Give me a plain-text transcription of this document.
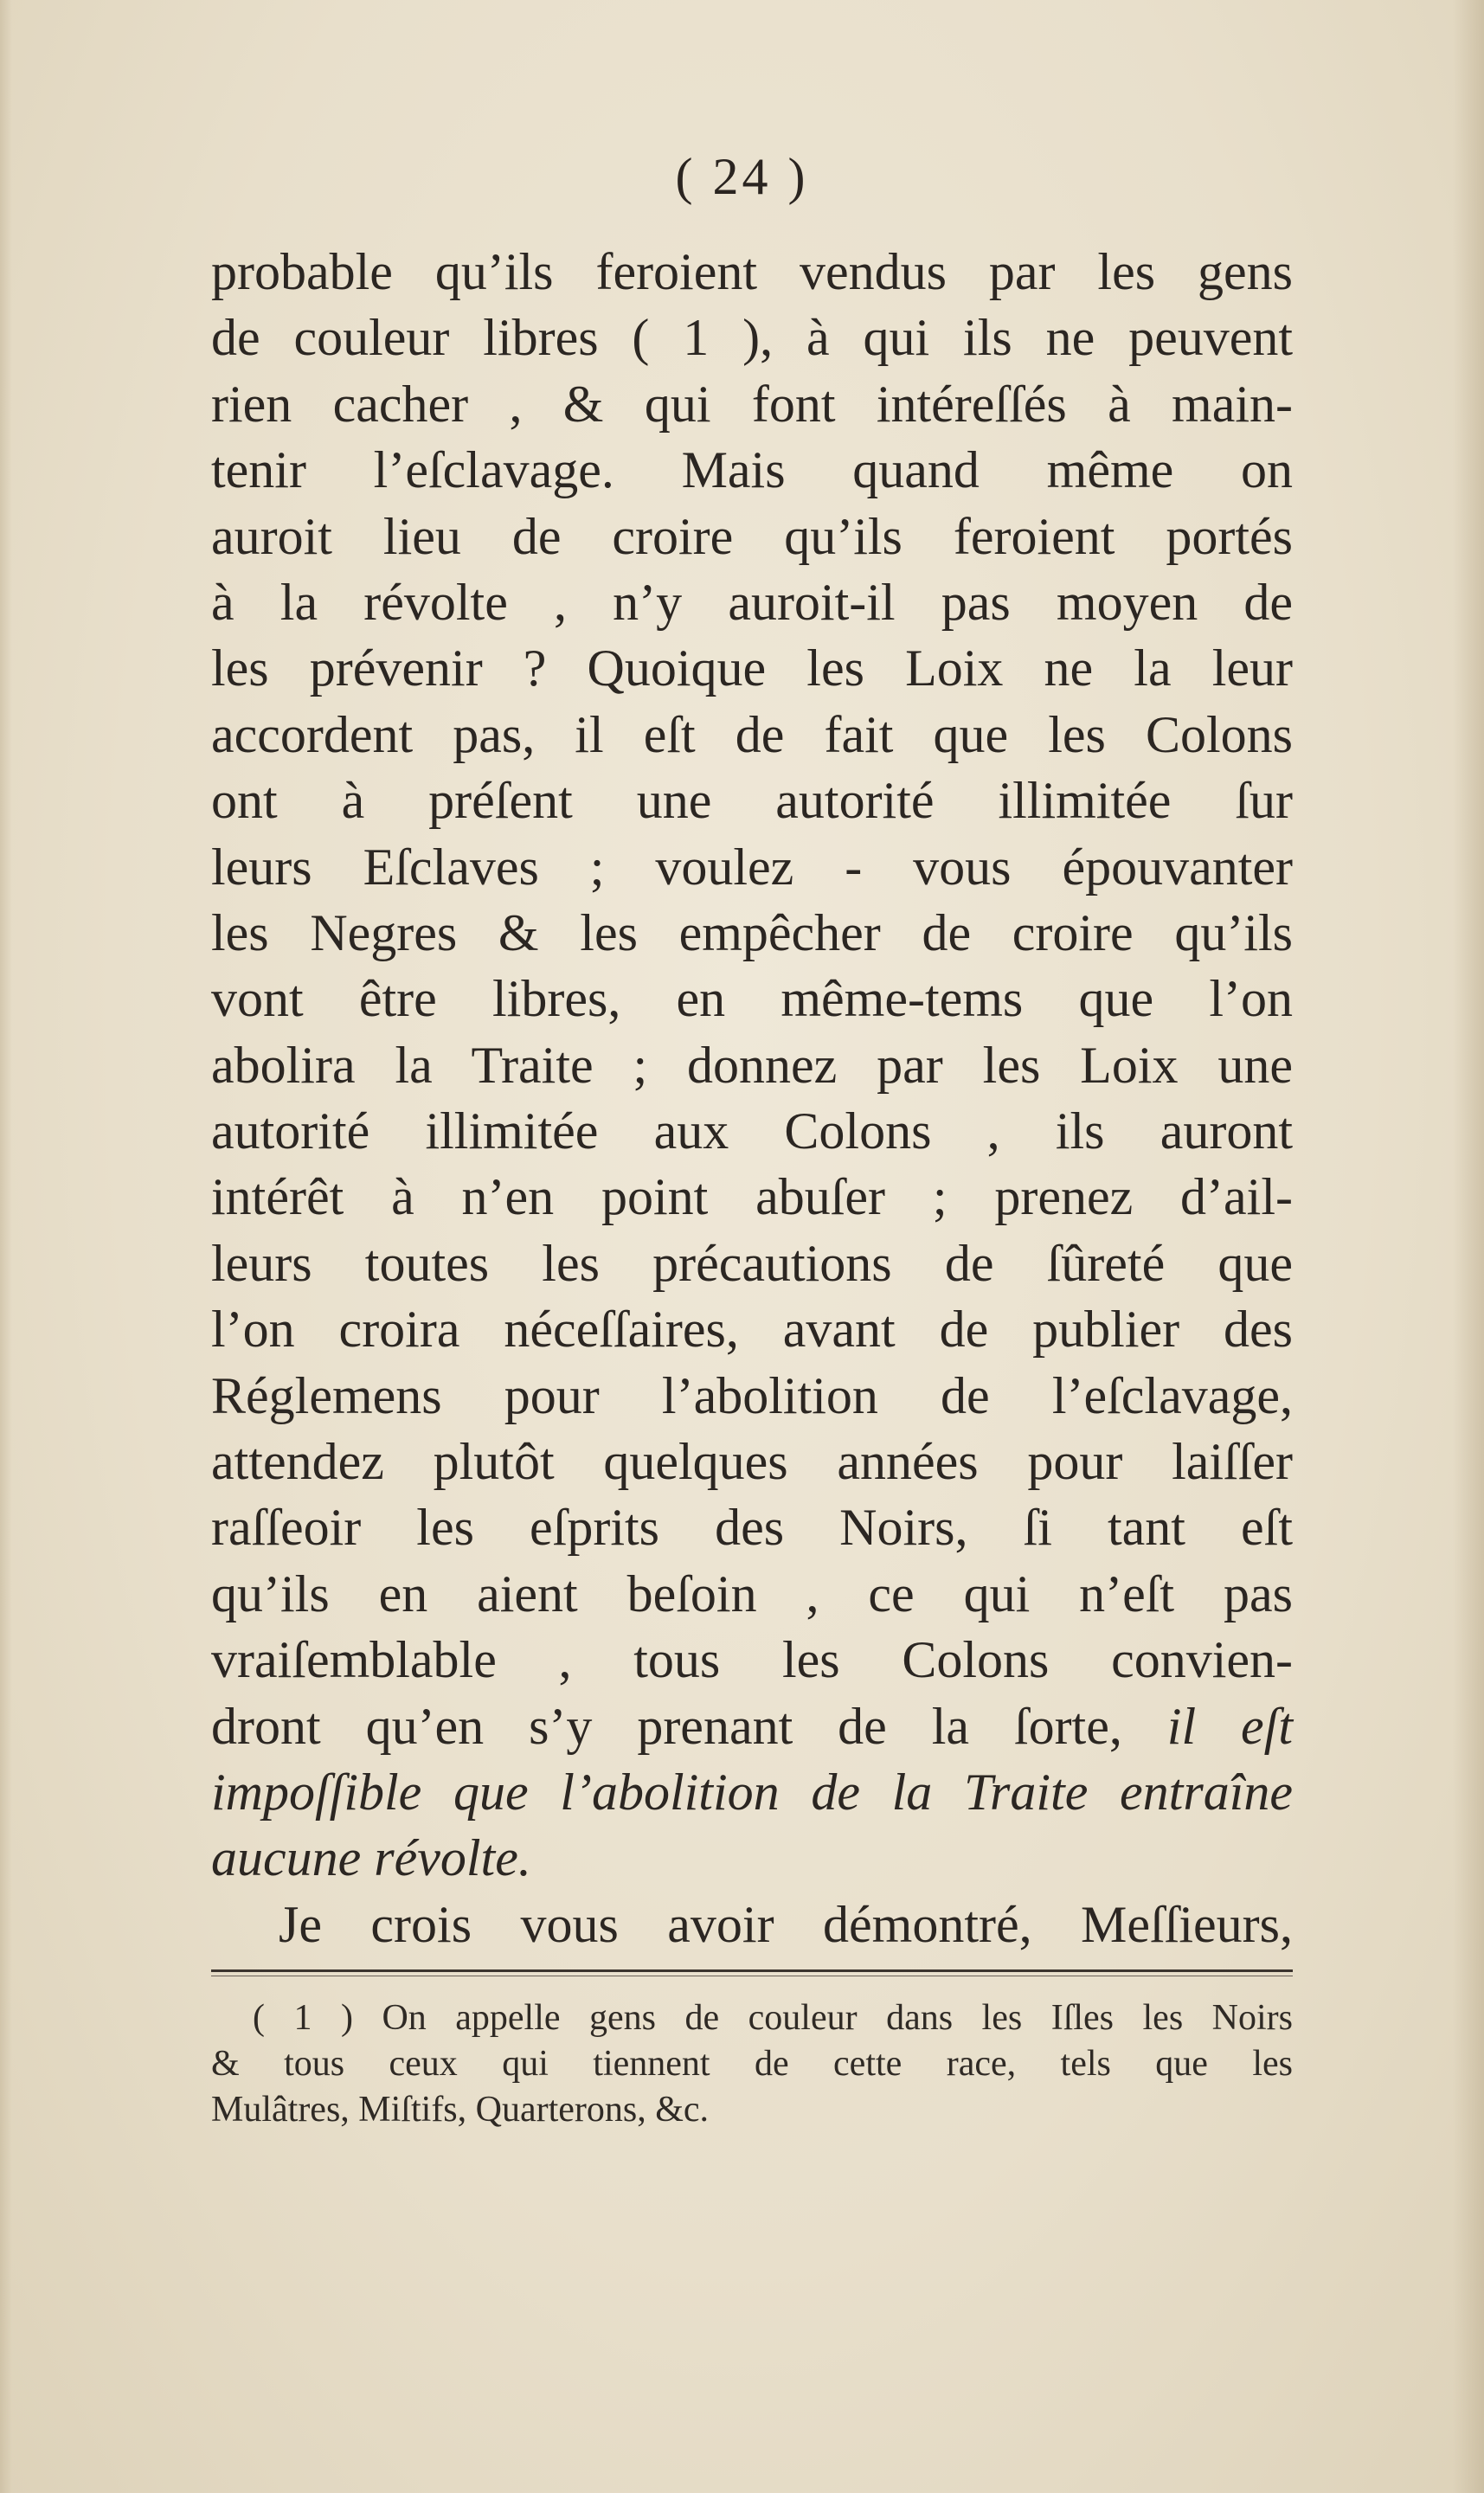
( 24 )
probable qu’ils feroient vendus par les gens
de couleur libres ( 1 ), à qui ils ne peuvent
rien cacher , & qui font intéreſſés à main-
tenir l’eſclavage. Mais quand même on
auroit lieu de croire qu’ils feroient portés
à la révolte , n’y auroit-il pas moyen de
les prévenir ? Quoique les Loix ne la leur
accordent pas, il eſt de fait que les Colons
ont à préſent une autorité illimitée ſur
leurs Eſclaves ; voulez - vous épouvanter
les Negres & les empêcher de croire qu’ils
vont être libres, en même-tems que l’on
abolira la Traite ; donnez par les Loix une
autorité illimitée aux Colons , ils auront
intérêt à n’en point abuſer ; prenez d’ail-
leurs toutes les précautions de ſûreté que
l’on croira néceſſaires, avant de publier des
Réglemens pour l’abolition de l’eſclavage,
attendez plutôt quelques années pour laiſſer
raſſeoir les eſprits des Noirs, ſi tant eſt
qu’ils en aient beſoin , ce qui n’eſt pas
vraiſemblable , tous les Colons convien-
dront qu’en s’y prenant de la ſorte, il eſt
impoſſible que l’abolition de la Traite entraîne
aucune révolte.
Je crois vous avoir démontré, Meſſieurs,
( 1 ) On appelle gens de couleur dans les Iſles les Noirs
& tous ceux qui tiennent de cette race, tels que les
Mulâtres, Miſtifs, Quarterons, &c.
